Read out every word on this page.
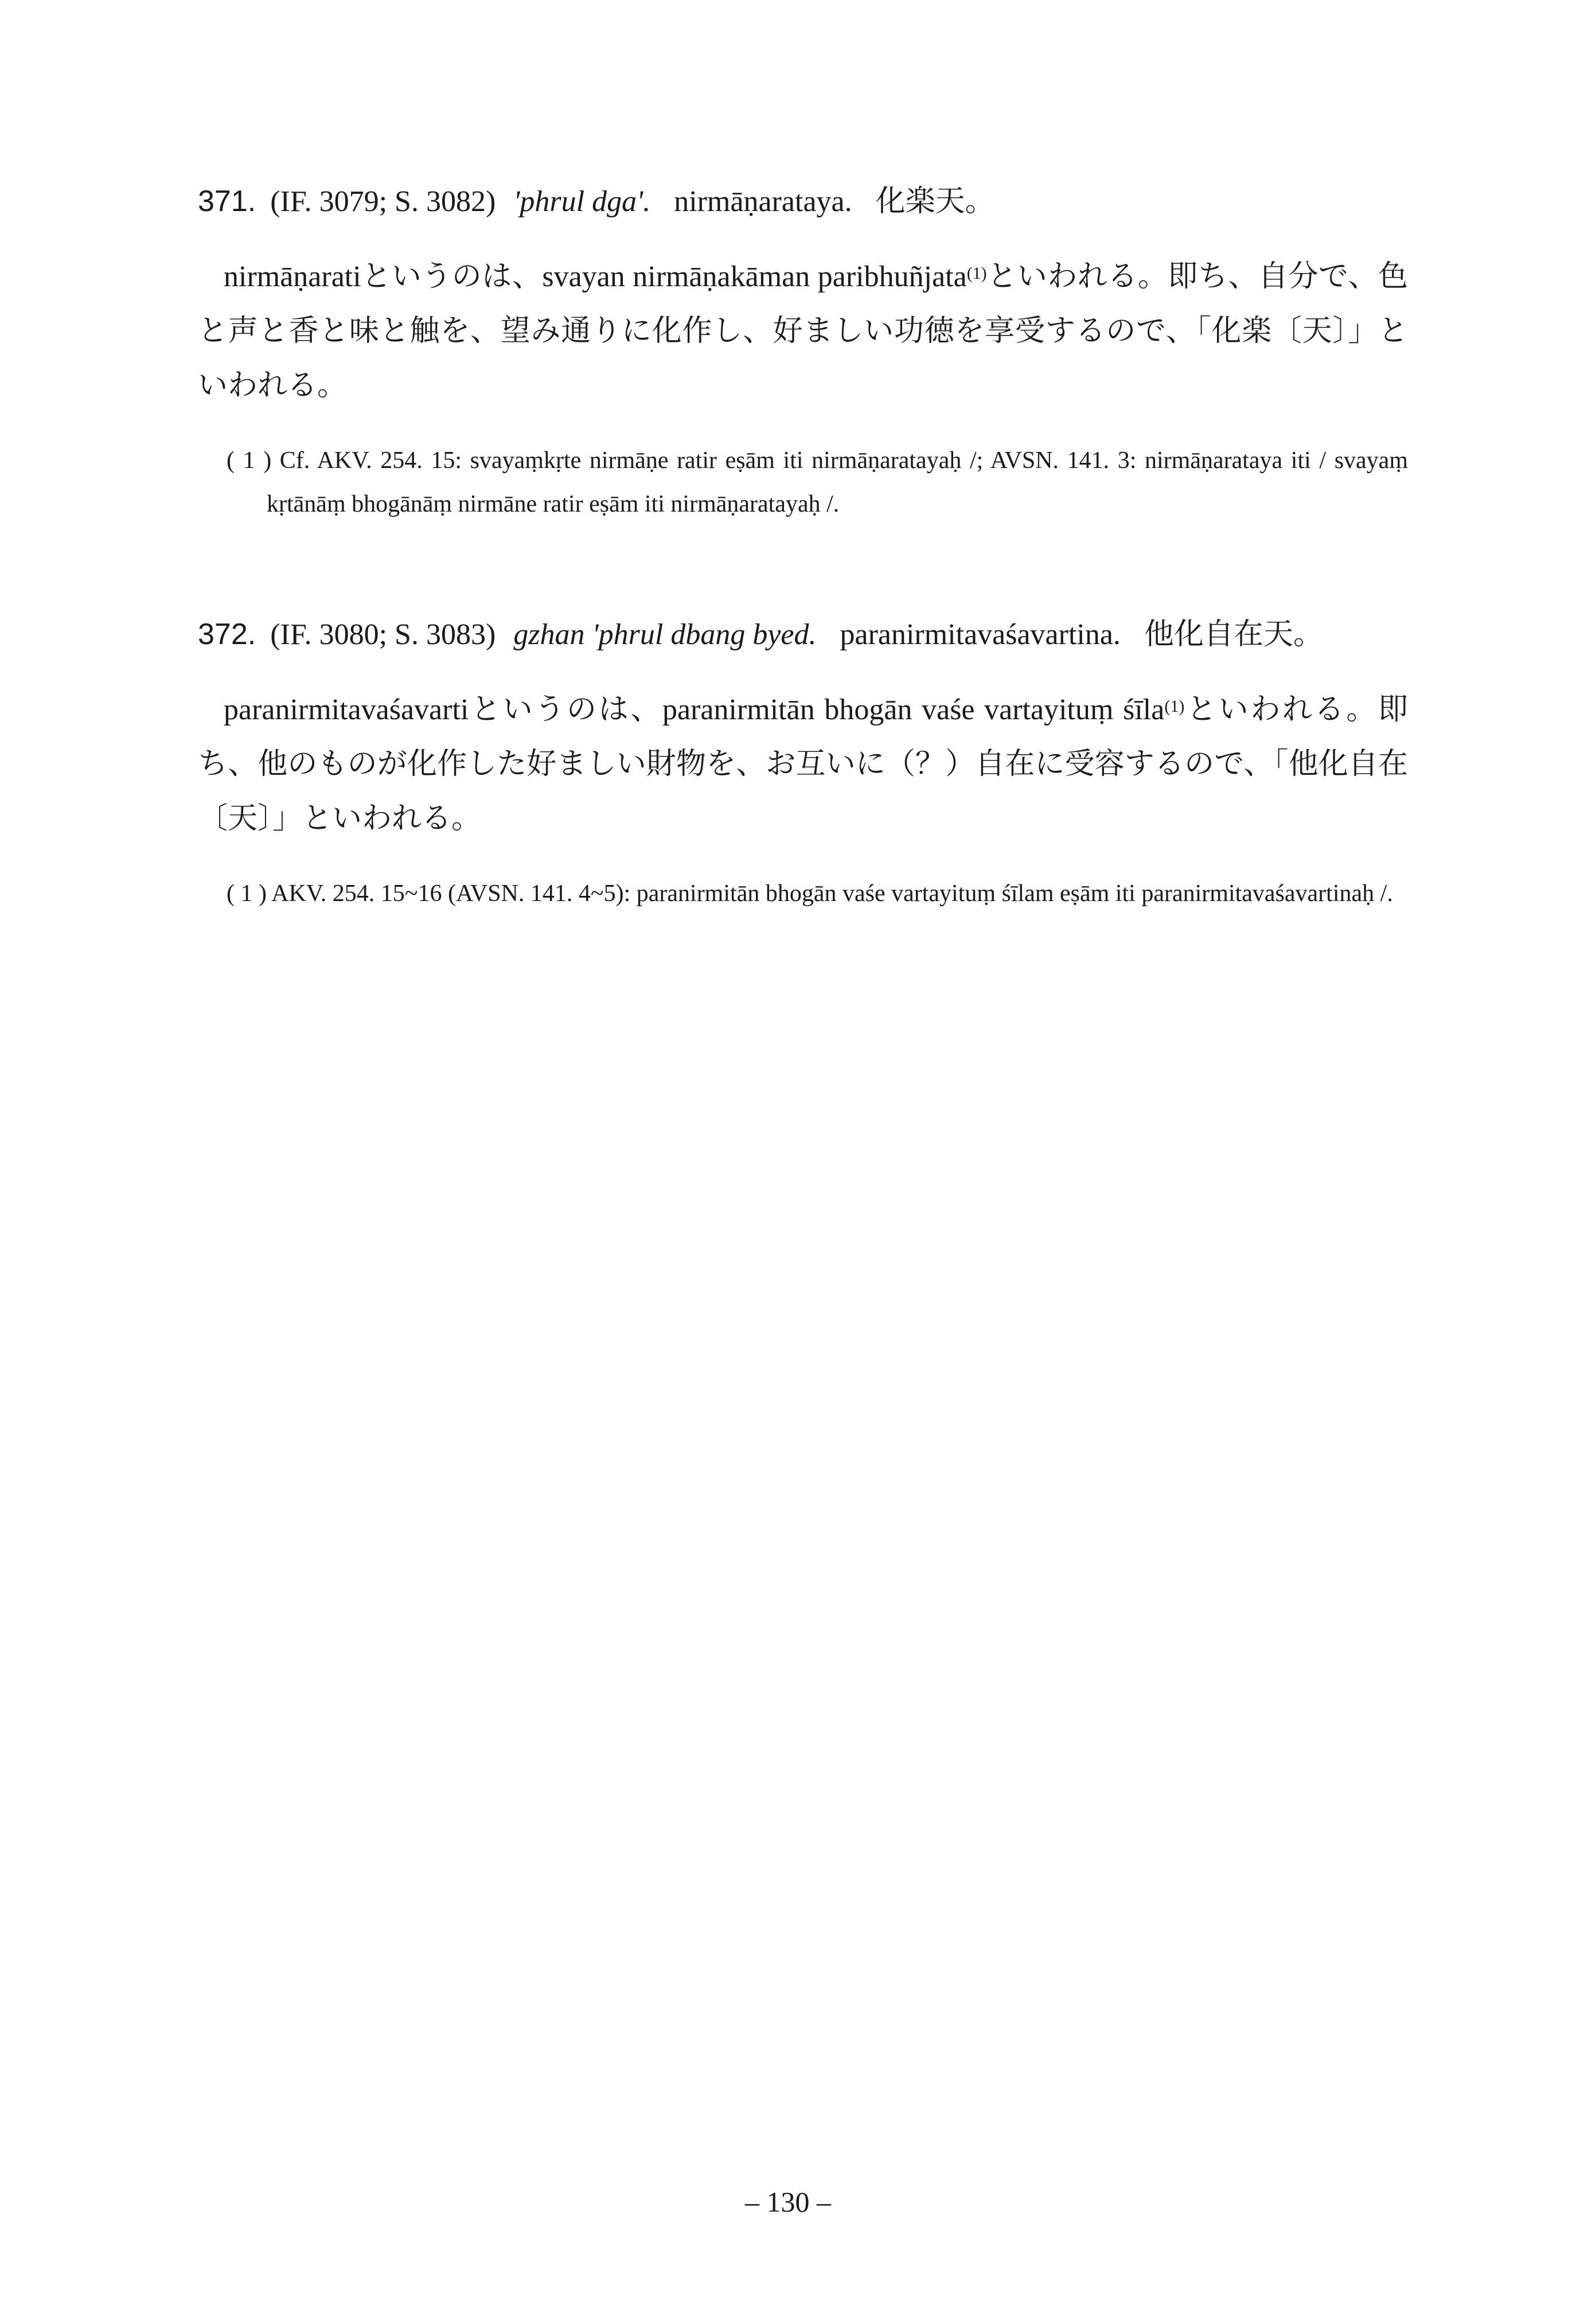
371. (IF. 3079; S. 3082) 'phrul dga'. nirmāṇarataya. 化楽天。
nirmāṇaratiというのは、svayan nirmāṇakāman paribhuñjata$^{(1)}$といわれる。即ち、自分で、色と声と香と味と触を、望み通りに化作し、好ましい功徳を享受するので、「化楽〔天〕」といわれる。
( 1 ) Cf. AKV. 254. 15: svayaṃkṛte nirmāṇe ratir eṣām iti nirmāṇaratayaḥ /; AVSN. 141. 3: nirmāṇarataya iti / svayaṃ kṛtānāṃ bhogānāṃ nirmāne ratir eṣām iti nirmāṇaratayaḥ /.
372. (IF. 3080; S. 3083) gzhan 'phrul dbang byed. paranirmitavaśavartina. 他化自在天。
paranirmitavaśavartiというのは、paranirmitān bhogān vaśe vartayituṃ śīla$^{(1)}$といわれる。即ち、他のものが化作した好ましい財物を、お互いに（？）自在に受容するので、「他化自在〔天〕」といわれる。
( 1 ) AKV. 254. 15~16 (AVSN. 141. 4~5): paranirmitān bhogān vaśe vartayituṃ śīlam eṣām iti paranirmitavaśavartinaḥ /.
– 130 –
